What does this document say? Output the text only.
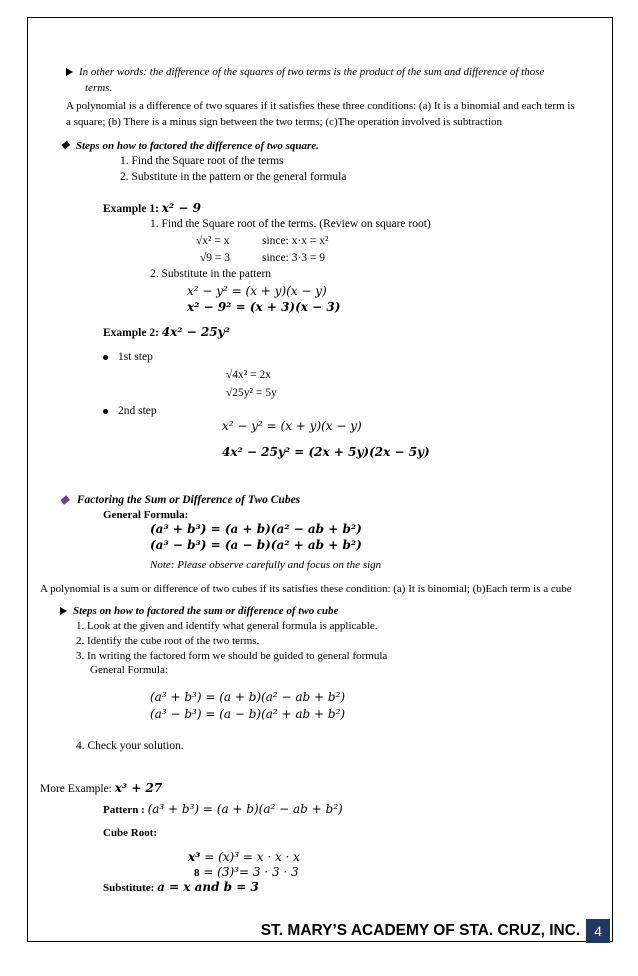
In other words: the difference of the squares of two terms is the product of the sum and difference of those
terms.
A polynomial is a difference of two squares if it satisfies these three conditions: (a) It is a binomial and each term is
a square; (b) There is a minus sign between the two terms; (c)The operation involved is subtraction
❖ Steps on how to factored the difference of two square.
1. Find the Square root of the terms
2. Substitute in the pattern or the general formula
Example 1: x² − 9
1. Find the Square root of the terms. (Review on square root)
√x² = x	since: x·x = x²
√9 = 3	since: 3·3 = 9
2. Substitute in the pattern
x² − y² = (x + y)(x − y)
x² − 9² = (x + 3)(x − 3)
Example 2: 4x² − 25y²
1st step
√4x² = 2x
√25y² = 5y
2nd step
x² − y² = (x + y)(x − y)
4x² − 25y² = (2x + 5y)(2x − 5y)
◆ Factoring the Sum or Difference of Two Cubes
General Formula:
(a³ + b³) = (a + b)(a² − ab + b²)
(a³ − b³) = (a − b)(a² + ab + b²)
Note: Please observe carefully and focus on the sign
A polynomial is a sum or difference of two cubes if its satisfies these condition: (a) It is binomial; (b)Each term is a cube
Steps on how to factored the sum or difference of two cube
1. Look at the given and identify what general formula is applicable.
2. Identify the cube root of the two terms.
3. In writing the factored form we should be guided to general formula
General Formula:
(a³ + b³) = (a + b)(a² − ab + b²)
(a³ − b³) = (a − b)(a² + ab + b²)
4. Check your solution.
More Example: x³ + 27
Pattern : (a³ + b³) = (a + b)(a² − ab + b²)
Cube Root:
x³ = (x)³ = x · x · x
8 = (3)³= 3 · 3 · 3
Substitute: a = x and b = 3
ST. MARY’S ACADEMY OF STA. CRUZ, INC.	4
